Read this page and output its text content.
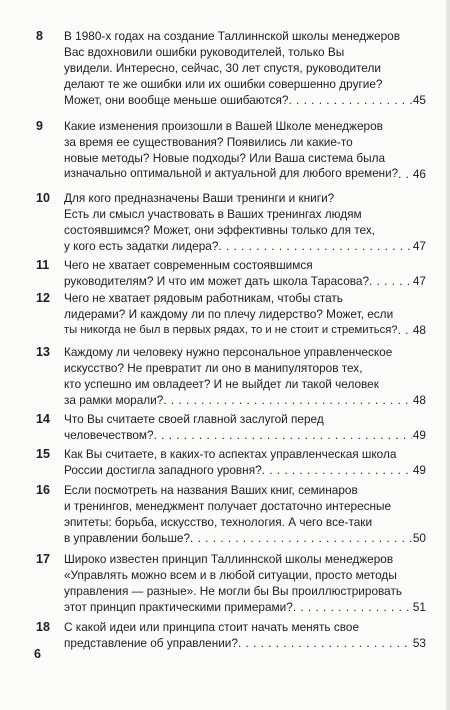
8 В 1980-х годах на создание Таллиннской школы менеджеров
Вас вдохновили ошибки руководителей, только Вы
увидели. Интересно, сейчас, 30 лет спустя, руководители
делают те же ошибки или их ошибки совершенно другие?
Может, они вообще меньше ошибаются? . . .	45
9 Какие изменения произошли в Вашей Школе менеджеров
за время ее существования? Появились ли какие-то
новые методы? Новые подходы? Или Ваша система была
изначально оптимальной и актуальной для любого времени? . . . 46
10 Для кого предназначены Ваши тренинги и книги?
Есть ли смысл участвовать в Ваших тренингах людям
состоявшимся? Может, они эффективны только для тех,
у кого есть задатки лидера? . . .	47
11 Чего не хватает современным состоявшимся
руководителям? И что им может дать школа Тарасова? . . .	47
12 Чего не хватает рядовым работникам, чтобы стать
лидерами? И каждому ли по плечу лидерство? Может, если
ты никогда не был в первых рядах, то и не стоит и стремиться? . . . 48
13 Каждому ли человеку нужно персональное управленческое
искусство? Не превратит ли оно в манипуляторов тех,
кто успешно им овладеет? И не выйдет ли такой человек
за рамки морали? . . .	48
14 Что Вы считаете своей главной заслугой перед
человечеством? . . .	49
15 Как Вы считаете, в каких-то аспектах управленческая школа
России достигла западного уровня? . . .	49
16 Если посмотреть на названия Ваших книг, семинаров
и тренингов, менеджмент получает достаточно интересные
эпитеты: борьба, искусство, технология. А чего все-таки
в управлении больше? . . .	50
17 Широко известен принцип Таллиннской школы менеджеров
«Управлять можно всем и в любой ситуации, просто методы
управления — разные». Не могли бы Вы проиллюстрировать
этот принцип практическими примерами? . . .	51
18 С какой идеи или принципа стоит начать менять свое
представление об управлении? . . .	53
6
